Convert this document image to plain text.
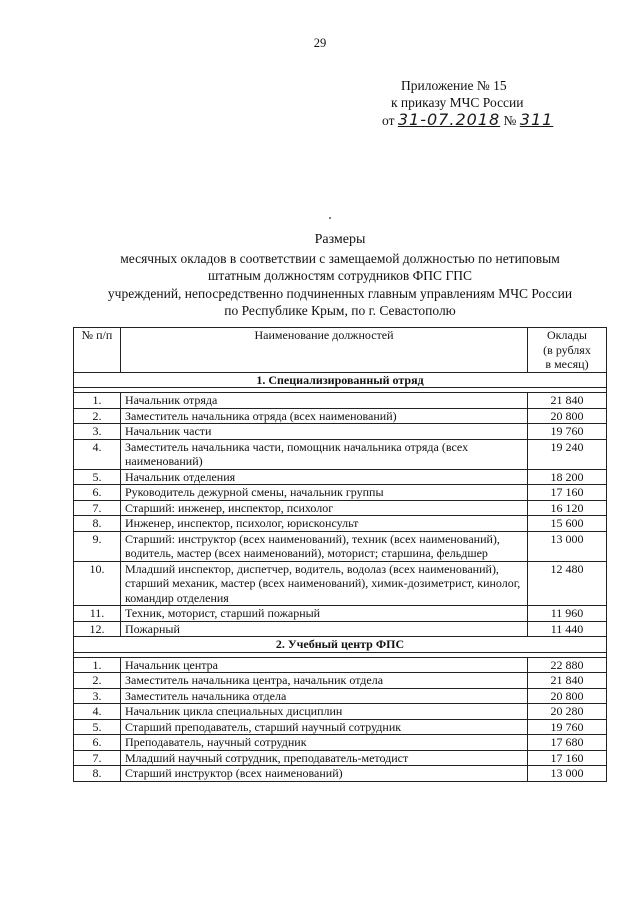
29
Приложение № 15
к приказу МЧС России
от 31-07.2018 № 311
Размеры
месячных окладов в соответствии с замещаемой должностью по нетиповым
штатным должностям сотрудников ФПС ГПС
учреждений, непосредственно подчиненных главным управлениям МЧС России
по Республике Крым, по г. Севастополю
№ п/п	Наименование должностей	Оклады
(в рублях
в месяц)

1. Специализированный отряд		

1.	Начальник отряда	21 840
2.	Заместитель начальника отряда (всех наименований)	20 800
3.	Начальник части	19 760
4.	Заместитель начальника части, помощник начальника отряда (всех наименований)	19 240
5.	Начальник отделения	18 200
6.	Руководитель дежурной смены, начальник группы	17 160
7.	Старший: инженер, инспектор, психолог	16 120
8.	Инженер, инспектор, психолог, юрисконсульт	15 600
9.	Старший: инструктор (всех наименований), техник (всех наименований), водитель, мастер (всех наименований), моторист; старшина, фельдшер	13 000
10.	Младший инспектор, диспетчер, водитель, водолаз (всех наименований), старший механик, мастер (всех наименований), химик-дозиметрист, кинолог, командир отделения	12 480
11.	Техник, моторист, старший пожарный	11 960
12.	Пожарный	11 440
2. Учебный центр ФПС		

1.	Начальник центра	22 880
2.	Заместитель начальника центра, начальник отдела	21 840
3.	Заместитель начальника отдела	20 800
4.	Начальник цикла специальных дисциплин	20 280
5.	Старший преподаватель, старший научный сотрудник	19 760
6.	Преподаватель, научный сотрудник	17 680
7.	Младший научный сотрудник, преподаватель-методист	17 160
8.	Старший инструктор (всех наименований)	13 000
